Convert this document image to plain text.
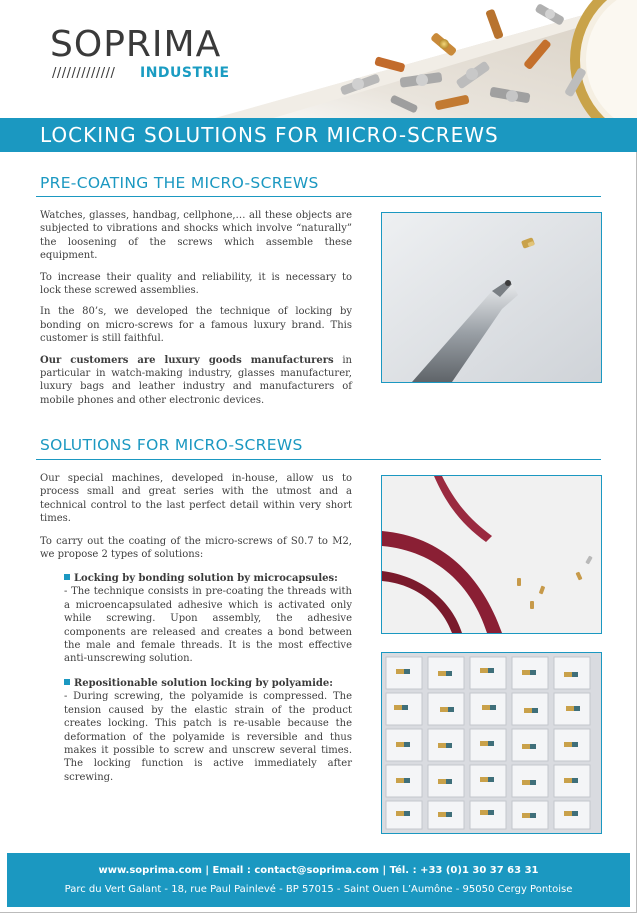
SOPRIMA
///////////// INDUSTRIE
LOCKING SOLUTIONS FOR MICRO-SCREWS
PRE-COATING THE MICRO-SCREWS

Watches, glasses, handbag, cellphone,… all these objects are subjected to vibrations and shocks which involve “naturally” the loosening of the screws which assemble these equipment.

To increase their quality and reliability, it is necessary to lock these screwed assemblies.

In the 80’s, we developed the technique of locking by bonding on micro-screws for a famous luxury brand. This customer is still faithful.

Our customers are luxury goods manufacturers in particular in watch-making industry, glasses manufacturer, luxury bags and leather industry and manufacturers of mobile phones and other electronic devices.

SOLUTIONS FOR MICRO-SCREWS

Our special machines, developed in-house, allow us to process small and great series with the utmost and a technical control to the last perfect detail within very short times.

To carry out the coating of the micro-screws of S0.7 to M2, we propose 2 types of solutions:

Locking by bonding solution by microcapsules:
- The technique consists in pre-coating the threads with a microencapsulated adhesive which is activated only while screwing. Upon assembly, the adhesive components are released and creates a bond between the male and female threads. It is the most effective anti-unscrewing solution.
Repositionable solution locking by polyamide:
- During screwing, the polyamide is compressed. The tension caused by the elastic strain of the product creates locking. This patch is re-usable because the deformation of the polyamide is reversible and thus makes it possible to screw and unscrew several times. The locking function is active immediately after screwing.
www.soprima.com | Email : contact@soprima.com | Tél. : +33 (0)1 30 37 63 31
Parc du Vert Galant - 18, rue Paul Painlevé - BP 57015 - Saint Ouen L’Aumône - 95050 Cergy Pontoise
